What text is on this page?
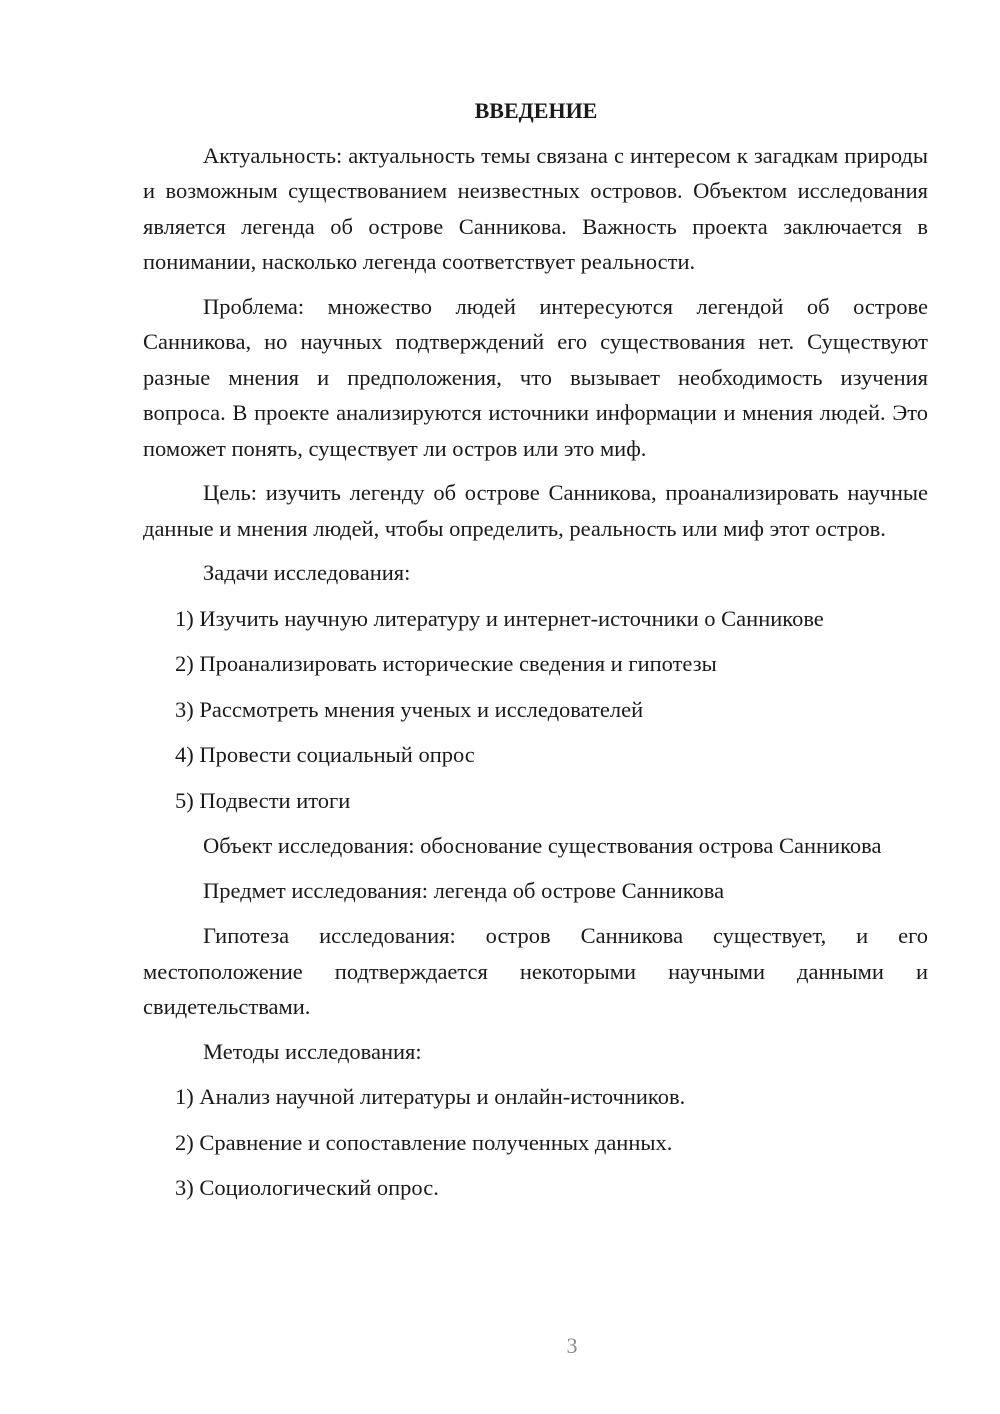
ВВЕДЕНИЕ

Актуальность: актуальность темы связана с интересом к загадкам природы и возможным существованием неизвестных островов. Объектом исследования является легенда об острове Санникова. Важность проекта заключается в понимании, насколько легенда соответствует реальности.

Проблема: множество людей интересуются легендой об острове Санникова, но научных подтверждений его существования нет. Существуют разные мнения и предположения, что вызывает необходимость изучения вопроса. В проекте анализируются источники информации и мнения людей. Это поможет понять, существует ли остров или это миф.

Цель: изучить легенду об острове Санникова, проанализировать научные данные и мнения людей, чтобы определить, реальность или миф этот остров.

Задачи исследования:

1) Изучить научную литературу и интернет-источники о Санникове
2) Проанализировать исторические сведения и гипотезы
3) Рассмотреть мнения ученых и исследователей
4) Провести социальный опрос
5) Подвести итоги

Объект исследования: обоснование существования острова Санникова

Предмет исследования: легенда об острове Санникова

Гипотеза исследования: остров Санникова существует, и его местоположение подтверждается некоторыми научными данными и свидетельствами.

Методы исследования:

1) Анализ научной литературы и онлайн-источников.
2) Сравнение и сопоставление полученных данных.
3) Социологический опрос.
3
